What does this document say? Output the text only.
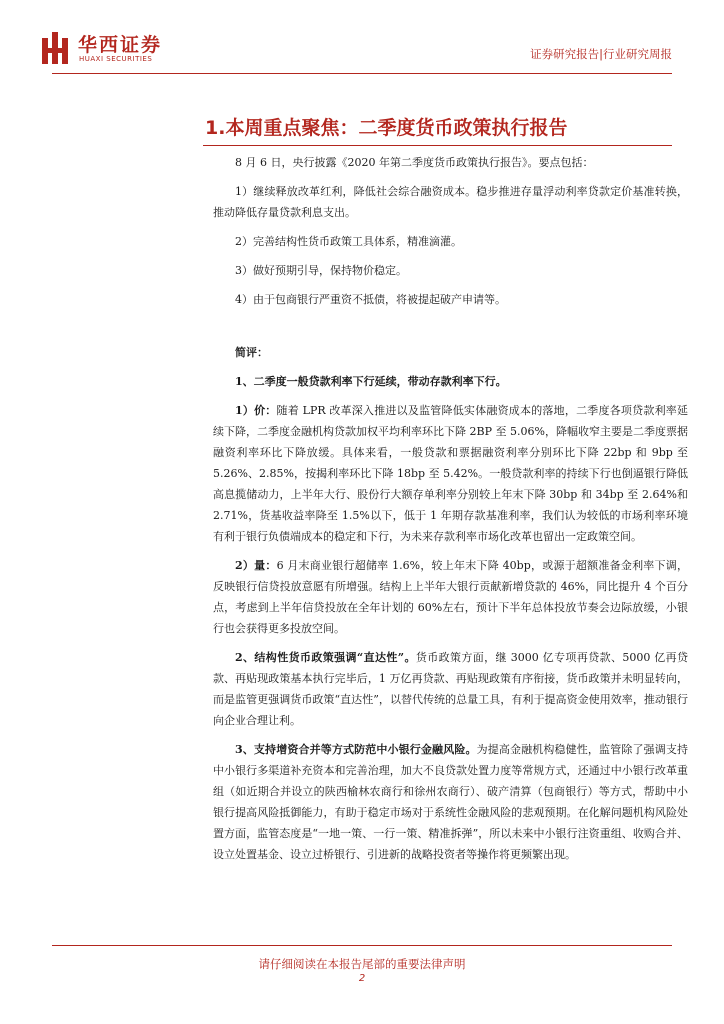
华西证券
HUAXI SECURITIES	证券研究报告|行业研究周报
1.本周重点聚焦：二季度货币政策执行报告

8 月 6 日，央行披露《2020 年第二季度货币政策执行报告》。要点包括：

1）继续释放改革红利，降低社会综合融资成本。稳步推进存量浮动利率贷款定价基准转换，推动降低存量贷款利息支出。

2）完善结构性货币政策工具体系，精准滴灌。

3）做好预期引导，保持物价稳定。

4）由于包商银行严重资不抵债，将被提起破产申请等。

简评：

1、二季度一般贷款利率下行延续，带动存款利率下行。

1）价：随着 LPR 改革深入推进以及监管降低实体融资成本的落地，二季度各项贷款利率延续下降，二季度金融机构贷款加权平均利率环比下降 2BP 至 5.06%，降幅收窄主要是二季度票据融资利率环比下降放缓。具体来看，一般贷款和票据融资利率分别环比下降 22bp 和 9bp 至 5.26%、2.85%，按揭利率环比下降 18bp 至 5.42%。一般贷款利率的持续下行也倒逼银行降低高息揽储动力，上半年大行、股份行大额存单利率分别较上年末下降 30bp 和 34bp 至 2.64%和 2.71%，货基收益率降至 1.5%以下，低于 1 年期存款基准利率，我们认为较低的市场利率环境有利于银行负债端成本的稳定和下行，为未来存款利率市场化改革也留出一定政策空间。

2）量：6 月末商业银行超储率 1.6%，较上年末下降 40bp，或源于超额准备金利率下调，反映银行信贷投放意愿有所增强。结构上上半年大银行贡献新增贷款的 46%，同比提升 4 个百分点，考虑到上半年信贷投放在全年计划的 60%左右，预计下半年总体投放节奏会边际放缓，小银行也会获得更多投放空间。

2、结构性货币政策强调“直达性”。货币政策方面，继 3000 亿专项再贷款、5000 亿再贷款、再贴现政策基本执行完毕后，1 万亿再贷款、再贴现政策有序衔接，货币政策并未明显转向，而是监管更强调货币政策“直达性”，以替代传统的总量工具，有利于提高资金使用效率，推动银行向企业合理让利。

3、支持增资合并等方式防范中小银行金融风险。为提高金融机构稳健性，监管除了强调支持中小银行多渠道补充资本和完善治理，加大不良贷款处置力度等常规方式，还通过中小银行改革重组（如近期合并设立的陕西榆林农商行和徐州农商行）、破产清算（包商银行）等方式，帮助中小银行提高风险抵御能力，有助于稳定市场对于系统性金融风险的悲观预期。在化解问题机构风险处置方面，监管态度是“一地一策、一行一策、精准拆弹”，所以未来中小银行注资重组、收购合并、设立处置基金、设立过桥银行、引进新的战略投资者等操作将更频繁出现。

请仔细阅读在本报告尾部的重要法律声明
2
